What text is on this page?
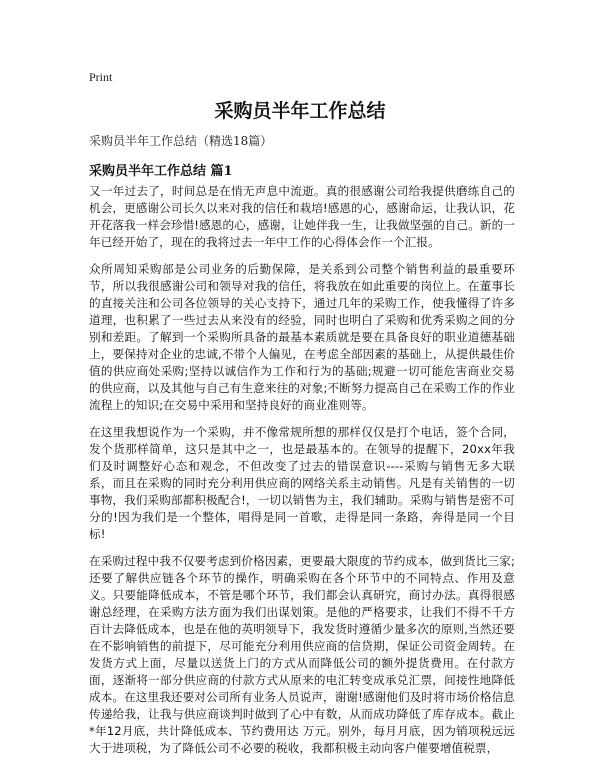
Print
采购员半年工作总结
采购员半年工作总结（精选18篇）
采购员半年工作总结 篇1

又一年过去了，时间总是在悄无声息中流逝。真的很感谢公司给我提供磨练自己的机会，更感谢公司长久以来对我的信任和栽培!感恩的心，感谢命运，让我认识，花开花落我一样会珍惜!感恩的心，感谢，让她伴我一生，让我做坚强的自己。新的一年已经开始了，现在的我将过去一年中工作的心得体会作一个汇报。

众所周知采购部是公司业务的后勤保障，是关系到公司整个销售利益的最重要环节，所以我很感谢公司和领导对我的信任，将我放在如此重要的岗位上。在董事长的直接关注和公司各位领导的关心支持下，通过几年的采购工作，使我懂得了许多道理，也积累了一些过去从来没有的经验，同时也明白了采购和优秀采购之间的分别和差距。了解到一个采购所具备的最基本素质就是要在具备良好的职业道德基础上，要保持对企业的忠诚,不带个人偏见，在考虑全部因素的基础上，从提供最佳价值的供应商处采购;坚持以诚信作为工作和行为的基础;规避一切可能危害商业交易的供应商，以及其他与自己有生意来往的对象;不断努力提高自己在采购工作的作业流程上的知识;在交易中采用和坚持良好的商业准则等。

在这里我想说作为一个采购，并不像常规所想的那样仅仅是打个电话，签个合同，发个货那样简单，这只是其中之一，也是最基本的。在领导的提醒下，20xx年我们及时调整好心态和观念，不但改变了过去的错误意识----采购与销售无多大联系，而且在采购的同时充分利用供应商的网络关系主动销售。凡是有关销售的一切事物，我们采购部都积极配合!，一切以销售为主，我们辅助。采购与销售是密不可分的!因为我们是一个整体，唱得是同一首歌，走得是同一条路，奔得是同一个目标!

在采购过程中我不仅要考虑到价格因素，更要最大限度的节约成本，做到货比三家;还要了解供应链各个环节的操作，明确采购在各个环节中的不同特点、作用及意义。只要能降低成本，不管是哪个环节，我们都会认真研究，商讨办法。真得很感谢总经理，在采购方法方面为我们出谋划策。是他的严格要求，让我们不得不千方百计去降低成本，也是在他的英明领导下，我发货时遵循少量多次的原则,当然还要在不影响销售的前提下，尽可能充分利用供应商的信贷期，保证公司资金周转。在发货方式上面，尽量以送货上门的方式从而降低公司的额外提货费用。在付款方面，逐渐将一部分供应商的付款方式从原来的电汇转变成承兑汇票，间接性地降低成本。在这里我还要对公司所有业务人员说声，谢谢!感谢他们及时将市场价格信息传递给我，让我与供应商谈判时做到了心中有数，从而成功降低了库存成本。截止*年12月底，共计降低成本、节约费用达 万元。别外，每月月底，因为销项税远远大于进项税，为了降低公司不必要的税收，我都积极主动向客户催要增值税票，
